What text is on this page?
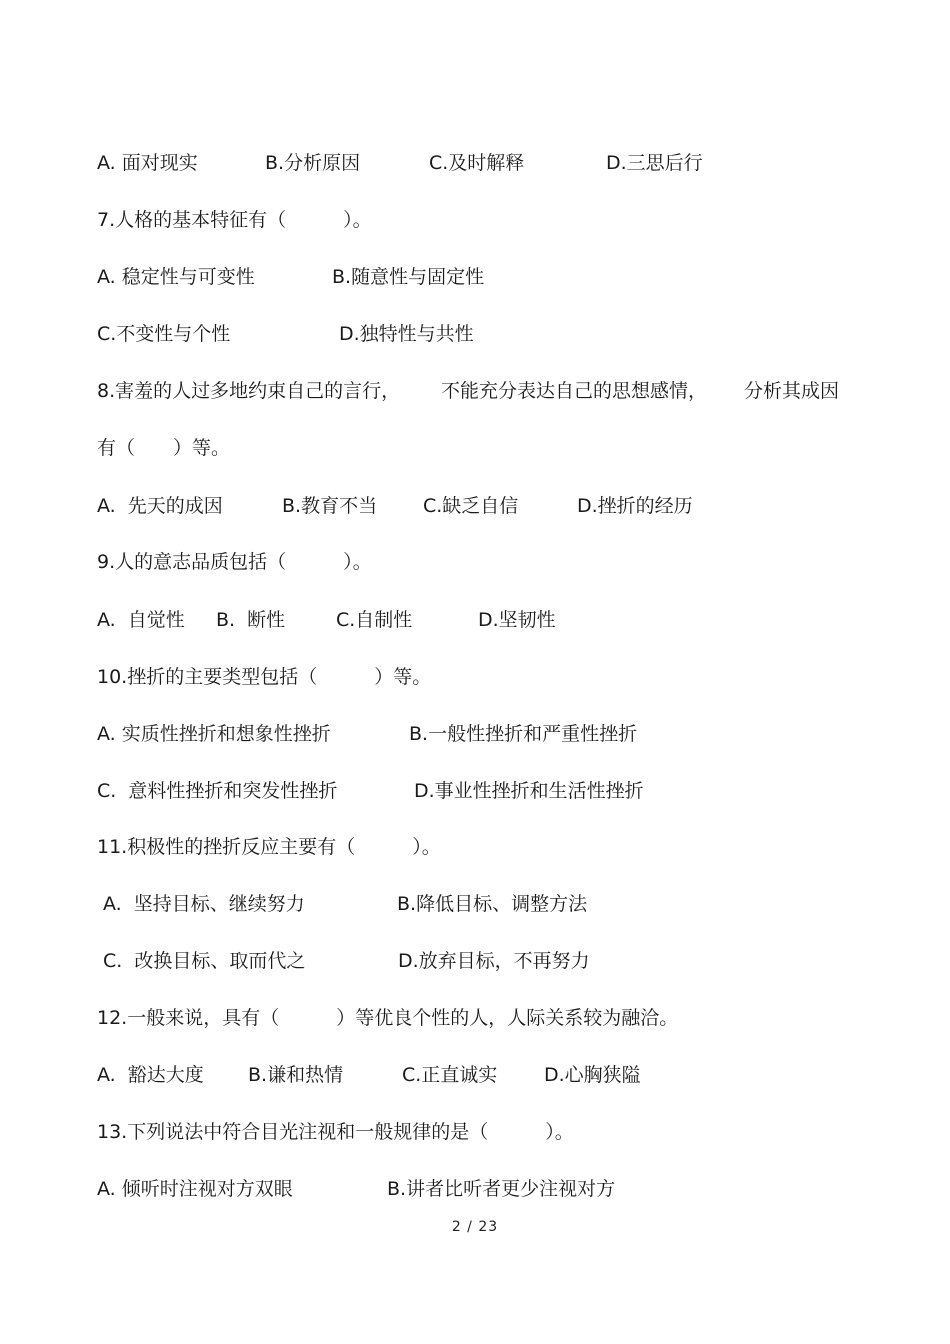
A. 面对现实

	B.分析原因

	C.及时解释

	D.三思后行

7.人格的基本特征有（　　　）。

A. 稳定性与可变性

	B.随意性与固定性

C.不变性与个性

	D.独特性与共性

8.害羞的人过多地约束自己的言行，

不能充分表达自己的思想感情，

分析其成因

有（　　）等。

A.  先天的成因

	B.教育不当

C.缺乏自信

	D.挫折的经历

9.人的意志品质包括（　　　）。

A.  自觉性

B.  断性

	C.自制性

	D.坚韧性

10.挫折的主要类型包括（　　　）等。

A. 实质性挫折和想象性挫折

	B.一般性挫折和严重性挫折

C.  意料性挫折和突发性挫折

	D.事业性挫折和生活性挫折

11.积极性的挫折反应主要有（　　　）。

A.  坚持目标、继续努力

	B.降低目标、调整方法

C.  改换目标、取而代之

	D.放弃目标，不再努力

12.一般来说，具有（　　　）等优良个性的人，人际关系较为融洽。

A.  豁达大度

B.谦和热情

	C.正直诚实

D.心胸狭隘

13.下列说法中符合目光注视和一般规律的是（　　　）。

A. 倾听时注视对方双眼

	B.讲者比听者更少注视对方

2 / 23
